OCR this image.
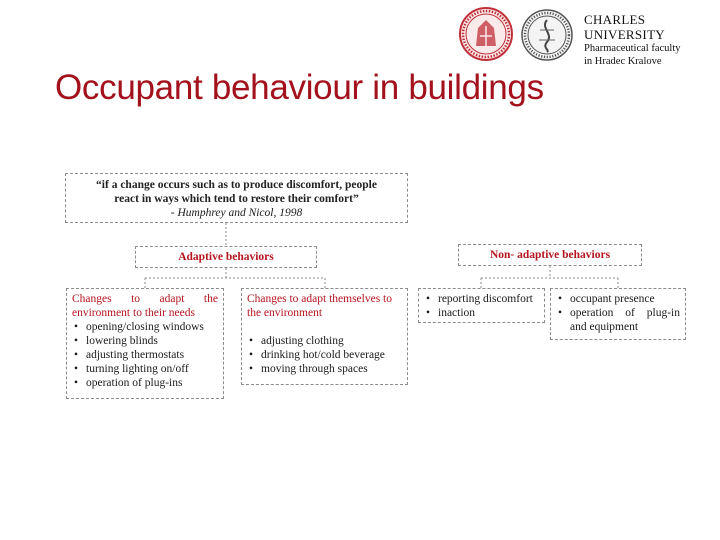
CHARLES UNIVERSITY
Pharmaceutical faculty
in Hradec Kralove
Occupant behaviour in buildings
“if a change occurs such as to produce discomfort, people
react in ways which tend to restore their comfort”
- Humphrey and Nicol, 1998
Adaptive behaviors	Non- adaptive behaviors
Changes to adapt the
environment to their needs
• opening/closing windows
• lowering blinds
• adjusting thermostats
• turning lighting on/off
• operation of plug-ins
Changes to adapt themselves to the environment
• adjusting clothing
• drinking hot/cold beverage
• moving through spaces
• reporting discomfort
• inaction
• occupant presence
• operation of plug-in
and equipment
